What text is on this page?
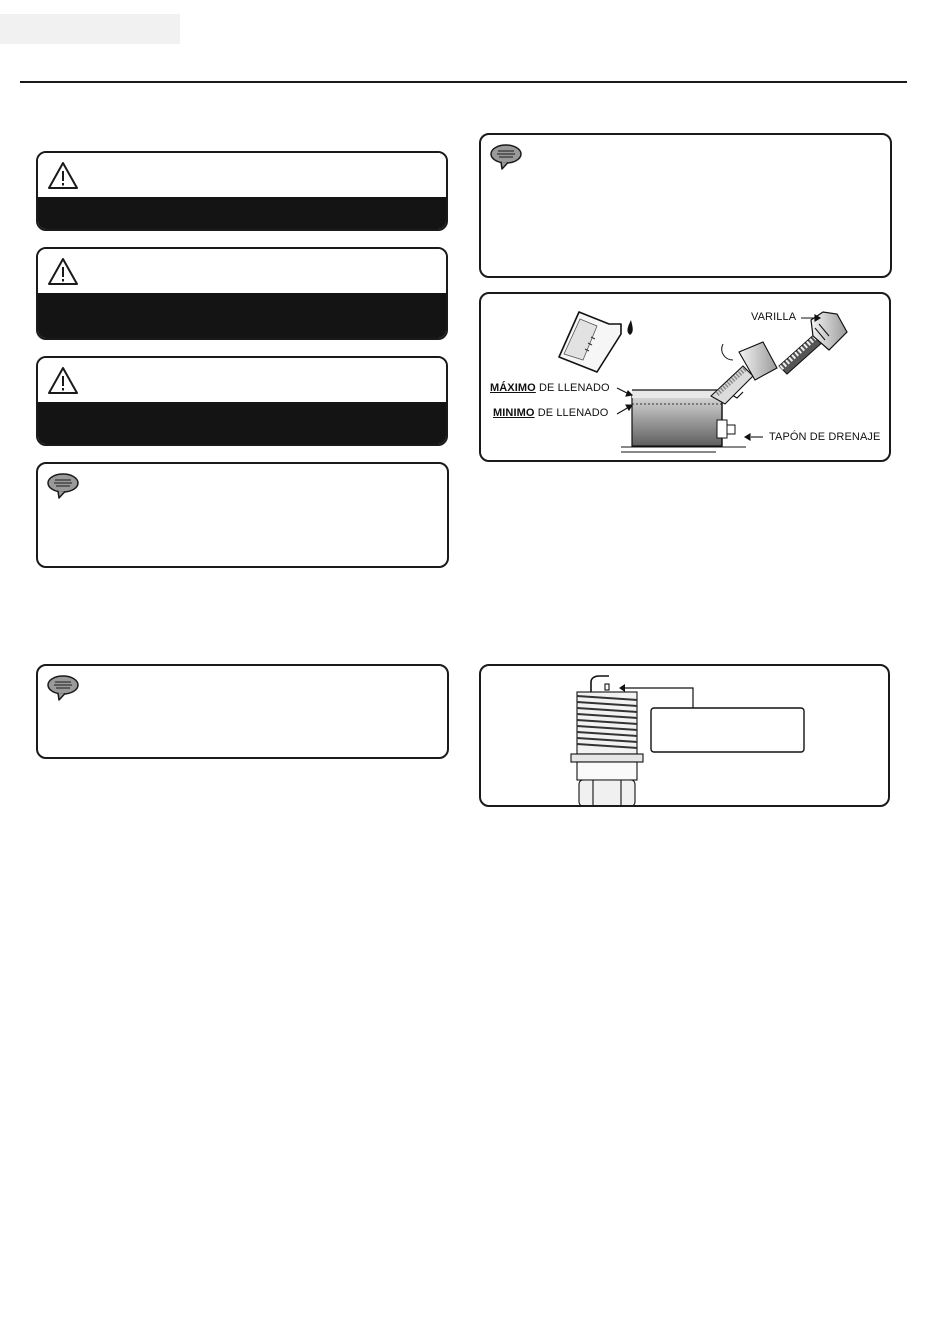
VARILLA
MÁXIMO DE LLENADO
MINIMO DE LLENADO
TAPÓN DE DRENAJE
